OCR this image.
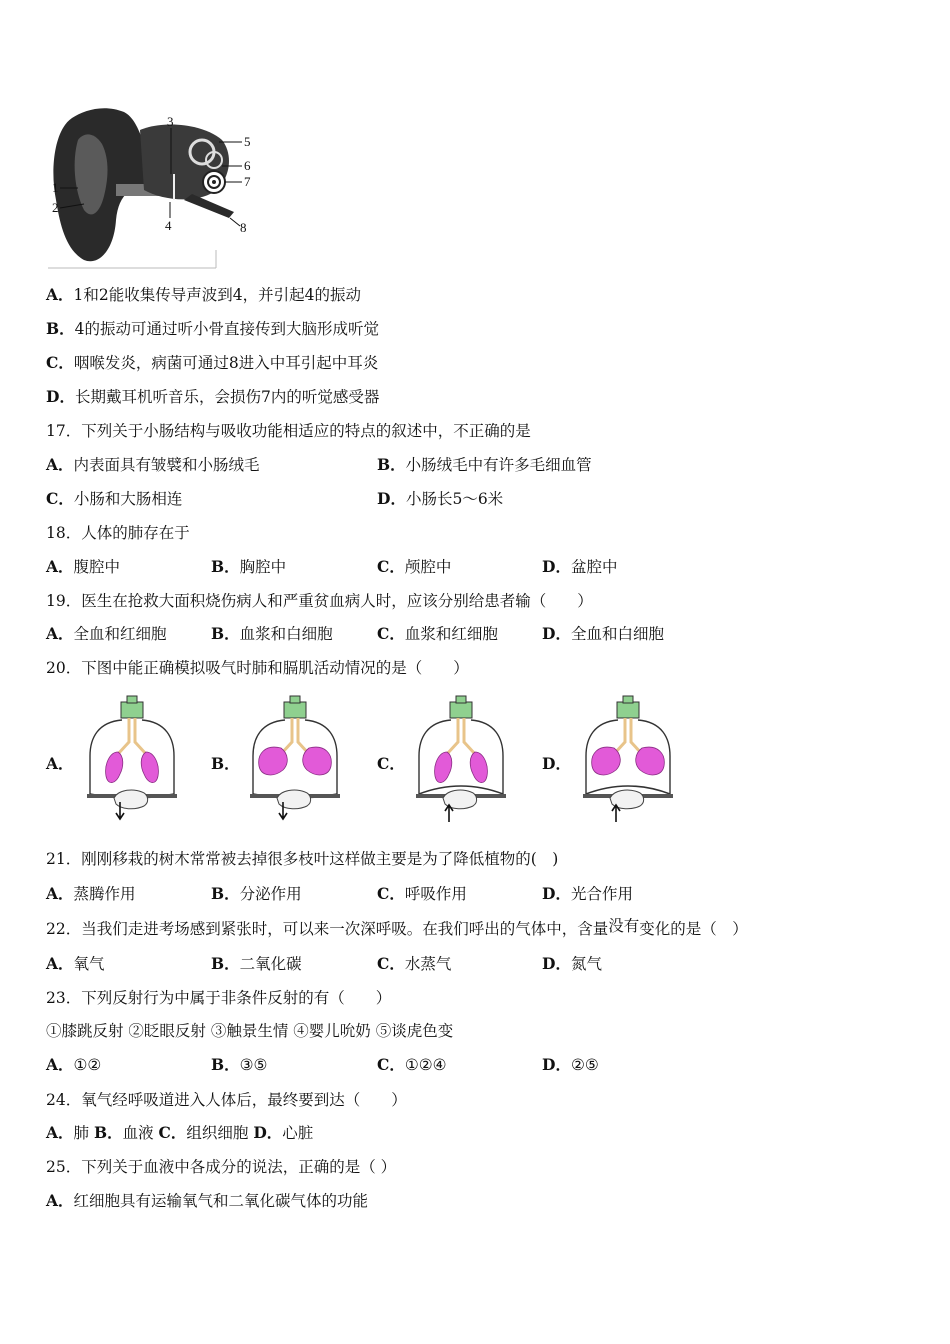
1
2
3
4
5
6
7
8
A．1和2能收集传导声波到4，并引起4的振动
B．4的振动可通过听小骨直接传到大脑形成听觉
C．咽喉发炎，病菌可通过8进入中耳引起中耳炎
D．长期戴耳机听音乐，会损伤7内的听觉感受器
17．下列关于小肠结构与吸收功能相适应的特点的叙述中，不正确的是
A．内表面具有皱襞和小肠绒毛	B．小肠绒毛中有许多毛细血管
C．小肠和大肠相连	D．小肠长5～6米
18．人体的肺存在于
A．腹腔中	B．胸腔中	C．颅腔中	D．盆腔中
19．医生在抢救大面积烧伤病人和严重贫血病人时，应该分别给患者输（　　）
A．全血和红细胞	B．血浆和白细胞	C．血浆和红细胞	D．全血和白细胞
20．下图中能正确模拟吸气时肺和膈肌活动情况的是（　　）
A．	B．	C．	D．
21．刚刚移栽的树木常常被去掉很多枝叶这样做主要是为了降低植物的(　)
A．蒸腾作用	B．分泌作用	C．呼吸作用	D．光合作用
22．当我们走进考场感到紧张时，可以来一次深呼吸。在我们呼出的气体中，含量没有变化的是（　）
A．氧气	B．二氧化碳	C．水蒸气	D．氮气
23．下列反射行为中属于非条件反射的有（　　）
①膝跳反射 ②眨眼反射 ③触景生情 ④婴儿吮奶 ⑤谈虎色变
A．①②	B．③⑤	C．①②④	D．②⑤
24．氧气经呼吸道进入人体后，最终要到达（　　）
A．肺 B．血液 C．组织细胞 D．心脏
25．下列关于血液中各成分的说法，正确的是（ ）
A．红细胞具有运输氧气和二氧化碳气体的功能
